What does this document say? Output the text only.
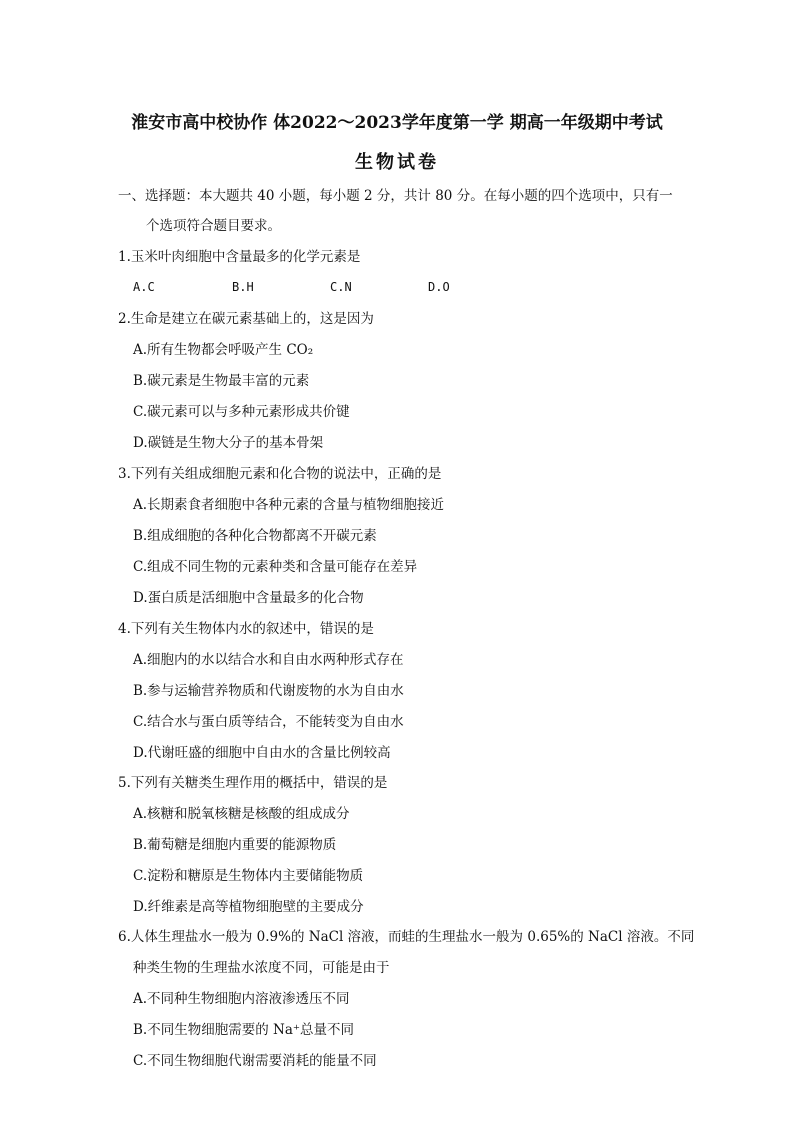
淮安市高中校协作 体2022～2023学年度第一学 期高一年级期中考试
生物试卷
一、选择题：本大题共 40 小题，每小题 2 分，共计 80 分。在每小题的四个选项中，只有一
个选项符合题目要求。
1.玉米叶肉细胞中含量最多的化学元素是
A.C	B.H	C.N	D.O
2.生命是建立在碳元素基础上的，这是因为
A.所有生物都会呼吸产生 CO₂
B.碳元素是生物最丰富的元素
C.碳元素可以与多种元素形成共价键
D.碳链是生物大分子的基本骨架
3.下列有关组成细胞元素和化合物的说法中，正确的是
A.长期素食者细胞中各种元素的含量与植物细胞接近
B.组成细胞的各种化合物都离不开碳元素
C.组成不同生物的元素种类和含量可能存在差异
D.蛋白质是活细胞中含量最多的化合物
4.下列有关生物体内水的叙述中，错误的是
A.细胞内的水以结合水和自由水两种形式存在
B.参与运输营养物质和代谢废物的水为自由水
C.结合水与蛋白质等结合，不能转变为自由水
D.代谢旺盛的细胞中自由水的含量比例较高
5.下列有关糖类生理作用的概括中，错误的是
A.核糖和脱氧核糖是核酸的组成成分
B.葡萄糖是细胞内重要的能源物质
C.淀粉和糖原是生物体内主要储能物质
D.纤维素是高等植物细胞壁的主要成分
6.人体生理盐水一般为 0.9%的 NaCl 溶液，而蛙的生理盐水一般为 0.65%的 NaCl 溶液。不同
种类生物的生理盐水浓度不同，可能是由于
A.不同种生物细胞内溶液渗透压不同
B.不同生物细胞需要的 Na⁺总量不同
C.不同生物细胞代谢需要消耗的能量不同
